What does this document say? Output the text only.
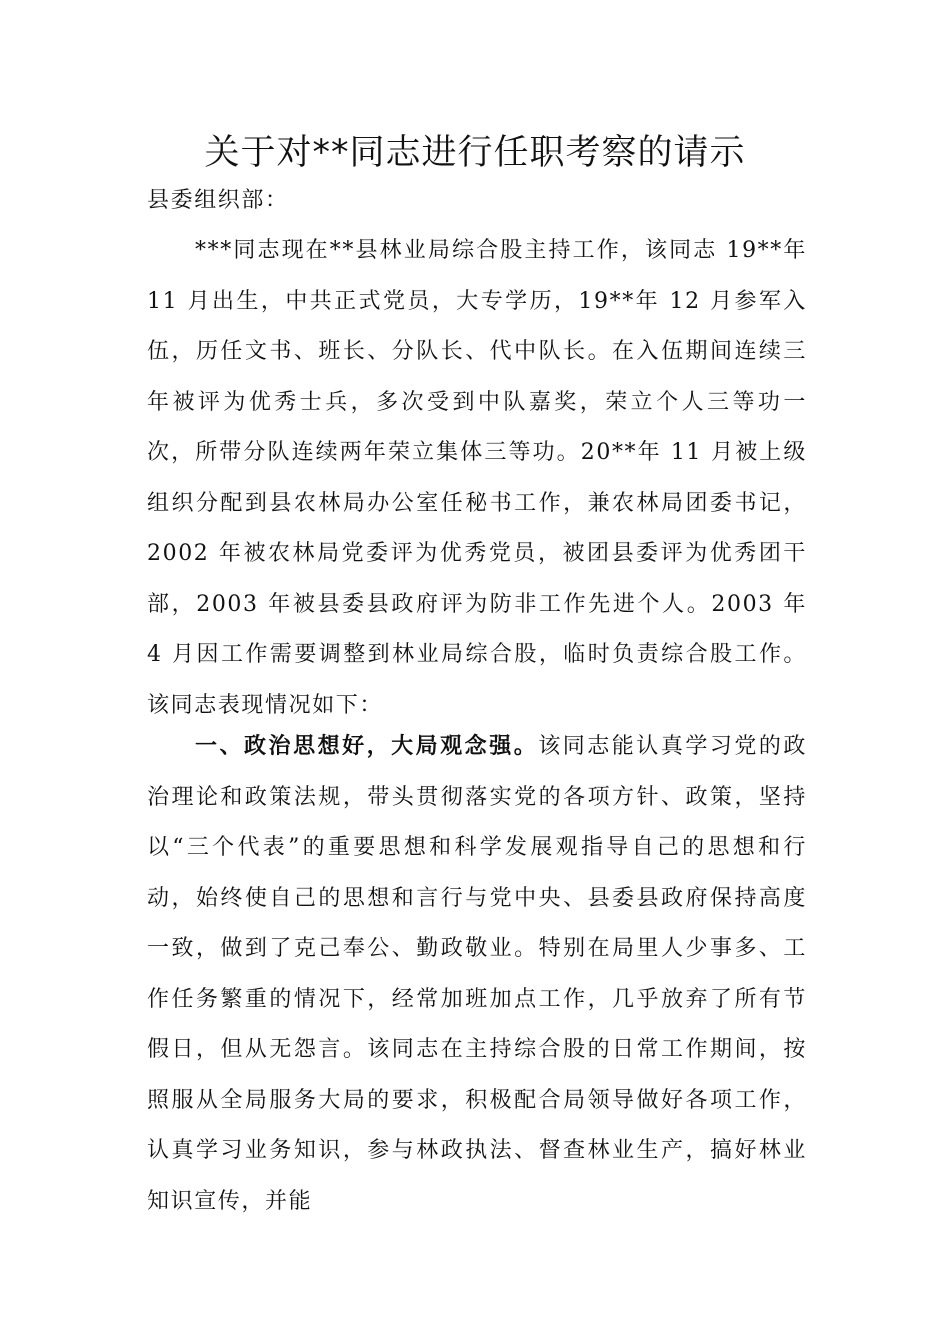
关于对**同志进行任职考察的请示

县委组织部：

***同志现在**县林业局综合股主持工作，该同志 19**年 11 月出生，中共正式党员，大专学历，19**年 12 月参军入伍，历任文书、班长、分队长、代中队长。在入伍期间连续三年被评为优秀士兵，多次受到中队嘉奖，荣立个人三等功一次，所带分队连续两年荣立集体三等功。20**年 11 月被上级组织分配到县农林局办公室任秘书工作，兼农林局团委书记，2002 年被农林局党委评为优秀党员，被团县委评为优秀团干部，2003 年被县委县政府评为防非工作先进个人。2003 年 4 月因工作需要调整到林业局综合股，临时负责综合股工作。该同志表现情况如下：

一、政治思想好，大局观念强。该同志能认真学习党的政治理论和政策法规，带头贯彻落实党的各项方针、政策，坚持以“三个代表”的重要思想和科学发展观指导自己的思想和行动，始终使自己的思想和言行与党中央、县委县政府保持高度一致，做到了克己奉公、勤政敬业。特别在局里人少事多、工作任务繁重的情况下，经常加班加点工作，几乎放弃了所有节假日，但从无怨言。该同志在主持综合股的日常工作期间，按照服从全局服务大局的要求，积极配合局领导做好各项工作，认真学习业务知识，参与林政执法、督查林业生产，搞好林业知识宣传，并能
